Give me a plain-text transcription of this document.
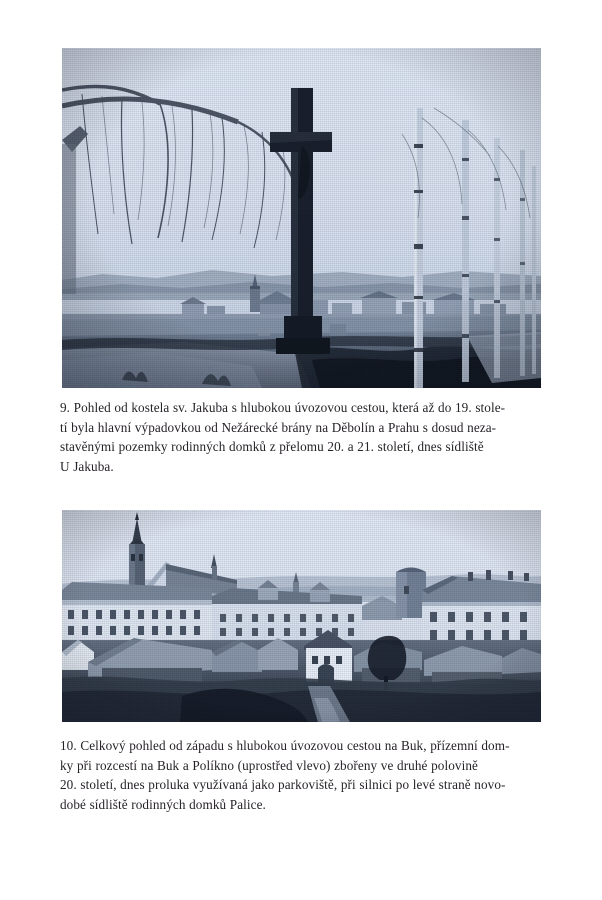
9. Pohled od kostela sv. Jakuba s hlubokou úvozovou cestou, která až do 19. stole-
tí byla hlavní výpadovkou od Nežárecké brány na Děbolín a Prahu s dosud neza-
stavěnými pozemky rodinných domků z přelomu 20. a 21. století, dnes sídliště
U Jakuba.
10. Celkový pohled od západu s hlubokou úvozovou cestou na Buk, přízemní dom-
ky při rozcestí na Buk a Políkno (uprostřed vlevo) zbořeny ve druhé polovině
20. století, dnes proluka využívaná jako parkoviště, při silnici po levé straně novo-
dobé sídliště rodinných domků Palice.
